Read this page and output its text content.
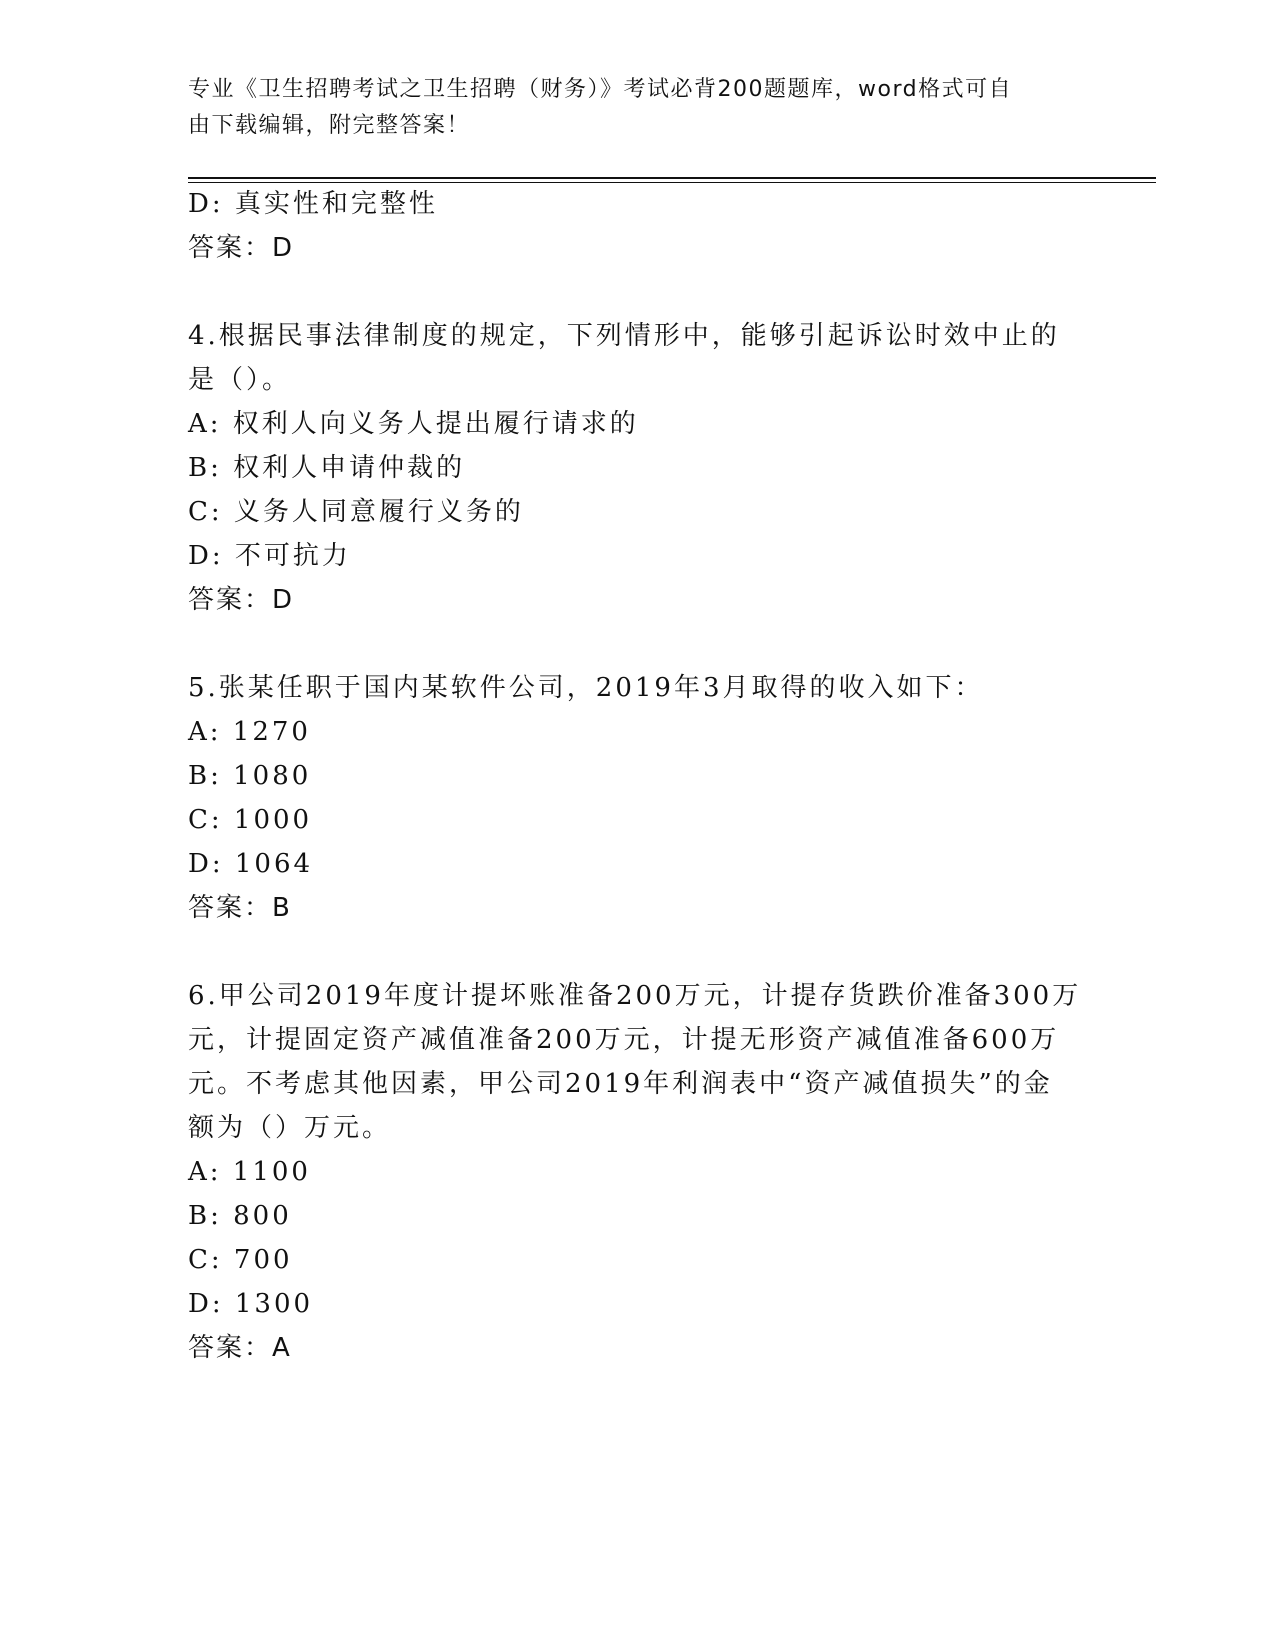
专业《卫生招聘考试之卫生招聘（财务）》考试必背200题题库，word格式可自
由下载编辑，附完整答案！
D: 真实性和完整性
答案：D
4.根据民事法律制度的规定，下列情形中，能够引起诉讼时效中止的
是（）。
A: 权利人向义务人提出履行请求的
B: 权利人申请仲裁的
C: 义务人同意履行义务的
D: 不可抗力
答案：D
5.张某任职于国内某软件公司，2019年3月取得的收入如下：
A: 1270
B: 1080
C: 1000
D: 1064
答案：B
6.甲公司2019年度计提坏账准备200万元，计提存货跌价准备300万
元，计提固定资产减值准备200万元，计提无形资产减值准备600万
元。不考虑其他因素，甲公司2019年利润表中“资产减值损失”的金
额为（）万元。
A: 1100
B: 800
C: 700
D: 1300
答案：A
